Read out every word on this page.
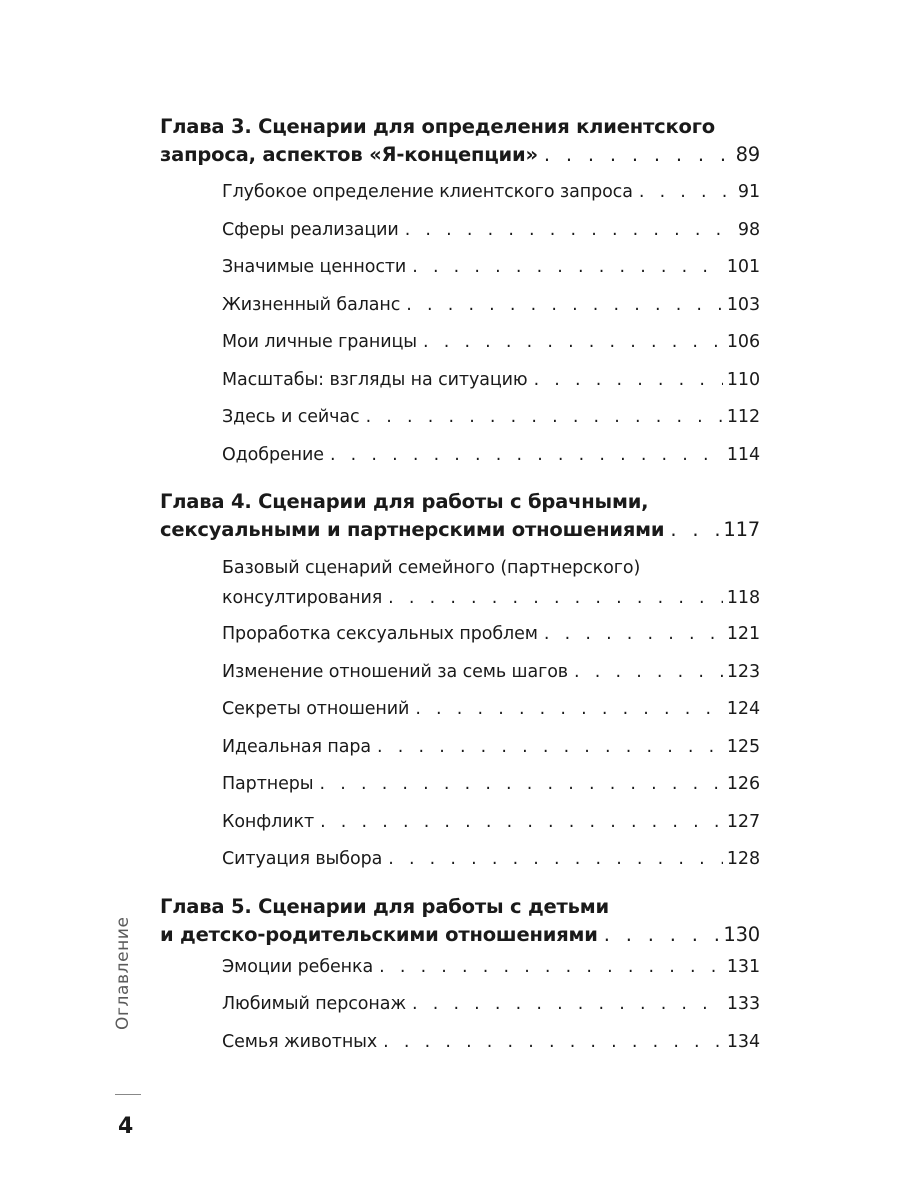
Глава 3. Сценарии для определения клиентского
запроса, аспектов «Я-концепции» . . .	89
Глубокое определение клиентского запроса . . .	91
Сферы реализации . . .	98
Значимые ценности . . .	101
Жизненный баланс . . .	103
Мои личные границы . . .	106
Масштабы: взгляды на ситуацию . . .	110
Здесь и сейчас . . .	112
Одобрение . . .	114
Глава 4. Сценарии для работы с брачными,
сексуальными и партнерскими отношениями . . .	117
Базовый сценарий семейного (партнерского)
консултирования . . .	118
Проработка сексуальных проблем . . .	121
Изменение отношений за семь шагов . . .	123
Секреты отношений . . .	124
Идеальная пара . . .	125
Партнеры . . .	126
Конфликт . . .	127
Ситуация выбора . . .	128
Глава 5. Сценарии для работы с детьми
и детско-родительскими отношениями . . .	130
Эмоции ребенка . . .	131
Любимый персонаж . . .	133
Семья животных . . .	134
Оглавление
4
